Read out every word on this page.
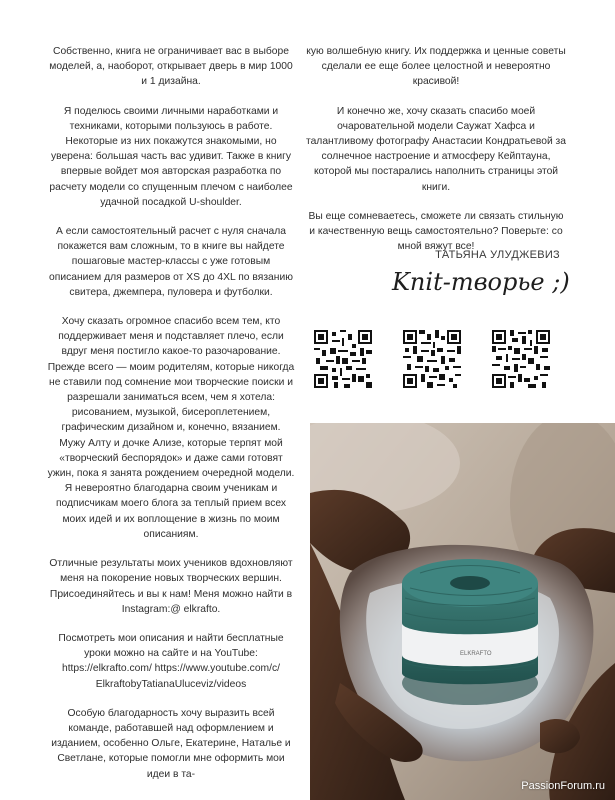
Собственно, книга не ограничивает вас в выборе моделей, а, наоборот, открывает дверь в мир 1000 и 1 дизайна.

Я поделюсь своими личными наработками и техниками, которыми пользуюсь в работе. Некоторые из них покажутся знакомыми, но уверена: большая часть вас удивит. Также в книгу впервые войдет моя авторская разработка по расчету модели со спущенным плечом с наиболее удачной посадкой U-shoulder.

А если самостоятельный расчет с нуля сначала покажется вам сложным, то в книге вы найдете пошаговые мастер-классы с уже готовым описанием для размеров от XS до 4XL по вязанию свитера, джемпера, пуловера и футболки.

Хочу сказать огромное спасибо всем тем, кто поддерживает меня и подставляет плечо, если вдруг меня постигло какое-то разочарование. Прежде всего — моим родителям, которые никогда не ставили под сомнение мои творческие поиски и разрешали заниматься всем, чем я хотела: рисованием, музыкой, бисероплетением, графическим дизайном и, конечно, вязанием. Мужу Алту и дочке Ализе, которые терпят мой «творческий беспорядок» и даже сами готовят ужин, пока я занята рождением очередной модели. Я невероятно благодарна своим ученикам и подписчикам моего блога за теплый прием всех моих идей и их воплощение в жизнь по моим описаниям.

Отличные результаты моих учеников вдохновляют меня на покорение новых творческих вершин. Присоединяйтесь и вы к нам! Меня можно найти в Instagram:@ elkrafto.

Посмотреть мои описания и найти бесплатные уроки можно на сайте и на YouTube: https://elkrafto.com/ https://www.youtube.com/c/ ElkraftobyTatianaUluceviz/videos

Особую благодарность хочу выразить всей команде, работавшей над оформлением и изданием, особенно Ольге, Екатерине, Наталье и Светлане, которые помогли мне оформить мои идеи в та-

кую волшебную книгу. Их поддержка и ценные советы сделали ее еще более целостной и невероятно красивой!

И конечно же, хочу сказать спасибо моей очаровательной модели Саужат Хафса и талантливому фотографу Анастасии Кондратьевой за солнечное настроение и атмосферу Кейптауна, которой мы постарались наполнить страницы этой книги.

Вы еще сомневаетесь, сможете ли связать стильную и качественную вещь самостоятельно? Поверьте: со мной вяжут все!

ТАТЬЯНА УЛУДЖЕВИЗ
Knit-творье ;)
ELKRAFTO
PassionForum.ru
